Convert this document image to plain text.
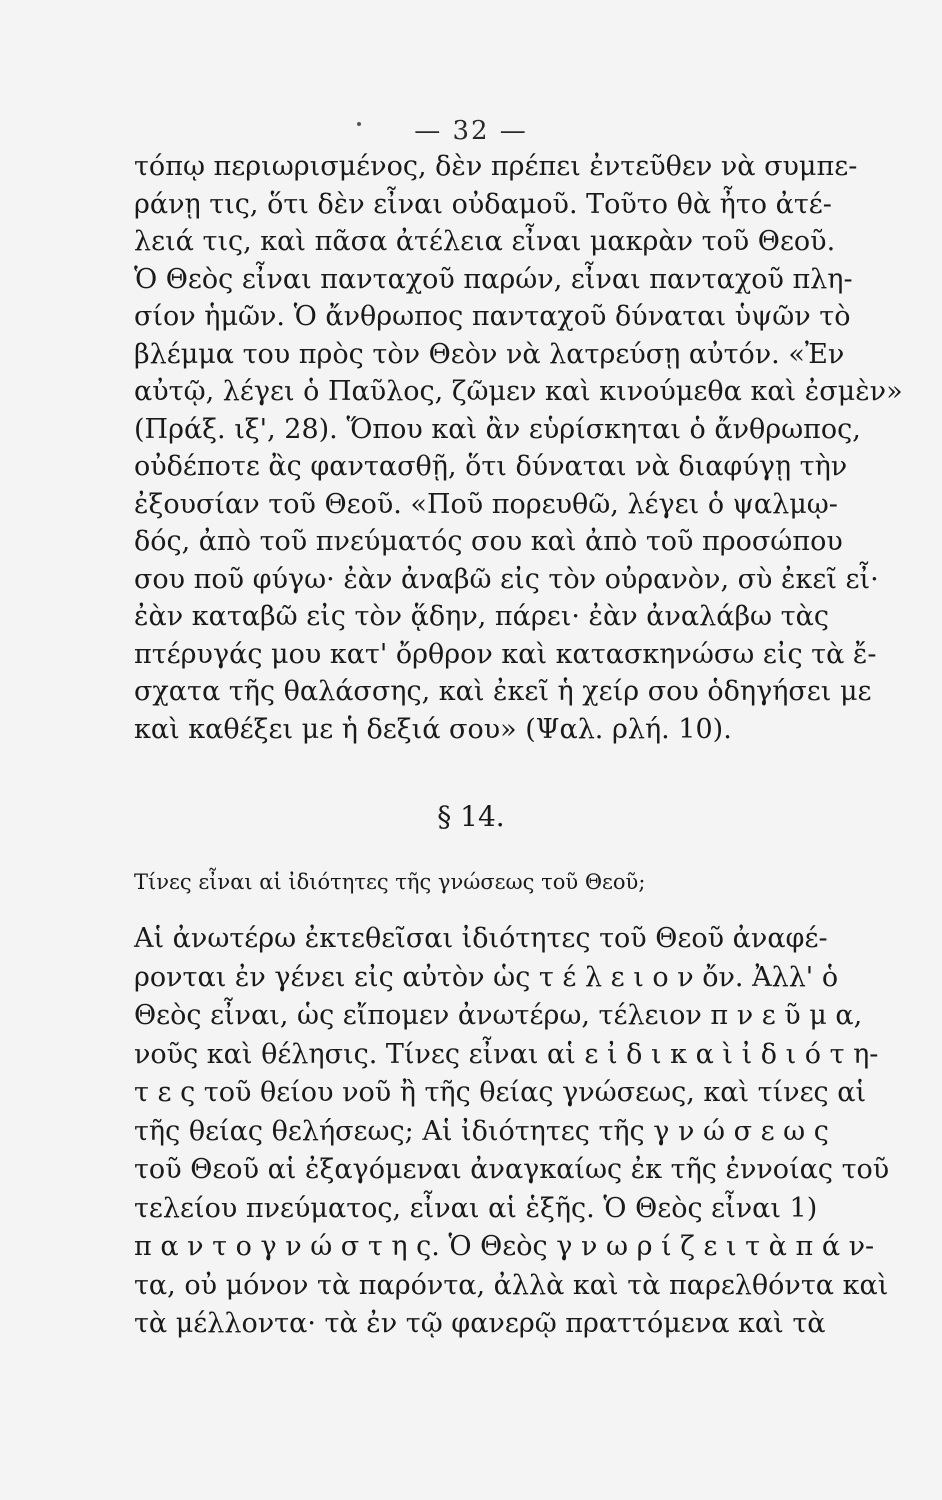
— 32 —
τόπῳ περιωρισμένος, δὲν πρέπει ἐντεῦθεν νὰ συμπε-
ράνῃ τις, ὅτι δὲν εἶναι οὐδαμοῦ. Τοῦτο θὰ ἦτο ἀτέ-
λειά τις, καὶ πᾶσα ἀτέλεια εἶναι μακρὰν τοῦ Θεοῦ.
Ὁ Θεὸς εἶναι πανταχοῦ παρών, εἶναι πανταχοῦ πλη-
σίον ἡμῶν. Ὁ ἄνθρωπος πανταχοῦ δύναται ὑψῶν τὸ
βλέμμα του πρὸς τὸν Θεὸν νὰ λατρεύσῃ αὐτόν. «Ἐν
αὐτῷ, λέγει ὁ Παῦλος, ζῶμεν καὶ κινούμεθα καὶ ἐσμὲν»
(Πράξ. ιξ', 28). Ὅπου καὶ ἂν εὑρίσκηται ὁ ἄνθρωπος,
οὐδέποτε ἂς φαντασθῇ, ὅτι δύναται νὰ διαφύγῃ τὴν
ἐξουσίαν τοῦ Θεοῦ. «Ποῦ πορευθῶ, λέγει ὁ ψαλμῳ-
δός, ἀπὸ τοῦ πνεύματός σου καὶ ἀπὸ τοῦ προσώπου
σου ποῦ φύγω· ἐὰν ἀναβῶ εἰς τὸν οὐρανὸν, σὺ ἐκεῖ εἶ·
ἐὰν καταβῶ εἰς τὸν ᾅδην, πάρει· ἐὰν ἀναλάβω τὰς
πτέρυγάς μου κατ' ὄρθρον καὶ κατασκηνώσω εἰς τὰ ἔ-
σχατα τῆς θαλάσσης, καὶ ἐκεῖ ἡ χείρ σου ὁδηγήσει με
καὶ καθέξει με ἡ δεξιά σου» (Ψαλ. ρλή. 10).
§ 14.
Τίνες εἶναι αἱ ἰδιότητες τῆς γνώσεως τοῦ Θεοῦ;
Αἱ ἀνωτέρω ἐκτεθεῖσαι ἰδιότητες τοῦ Θεοῦ ἀναφέ-
ρονται ἐν γένει εἰς αὐτὸν ὡς τ έ λ ε ι ο ν ὄν. Ἀλλ' ὁ
Θεὸς εἶναι, ὡς εἴπομεν ἀνωτέρω, τέλειον π ν ε ῦ μ α,
νοῦς καὶ θέλησις. Τίνες εἶναι αἱ ε ἰ δ ι κ α ὶ ἰ δ ι ό τ η-
τ ε ς τοῦ θείου νοῦ ἢ τῆς θείας γνώσεως, καὶ τίνες αἱ
τῆς θείας θελήσεως; Αἱ ἰδιότητες τῆς γ ν ώ σ ε ω ς
τοῦ Θεοῦ αἱ ἐξαγόμεναι ἀναγκαίως ἐκ τῆς ἐννοίας τοῦ
τελείου πνεύματος, εἶναι αἱ ἑξῆς. Ὁ Θεὸς εἶναι 1)
π α ν τ ο γ ν ώ σ τ η ς. Ὁ Θεὸς γ ν ω ρ ί ζ ε ι τ ὰ π ά ν-
τα, οὐ μόνον τὰ παρόντα, ἀλλὰ καὶ τὰ παρελθόντα καὶ
τὰ μέλλοντα· τὰ ἐν τῷ φανερῷ πραττόμενα καὶ τὰ
